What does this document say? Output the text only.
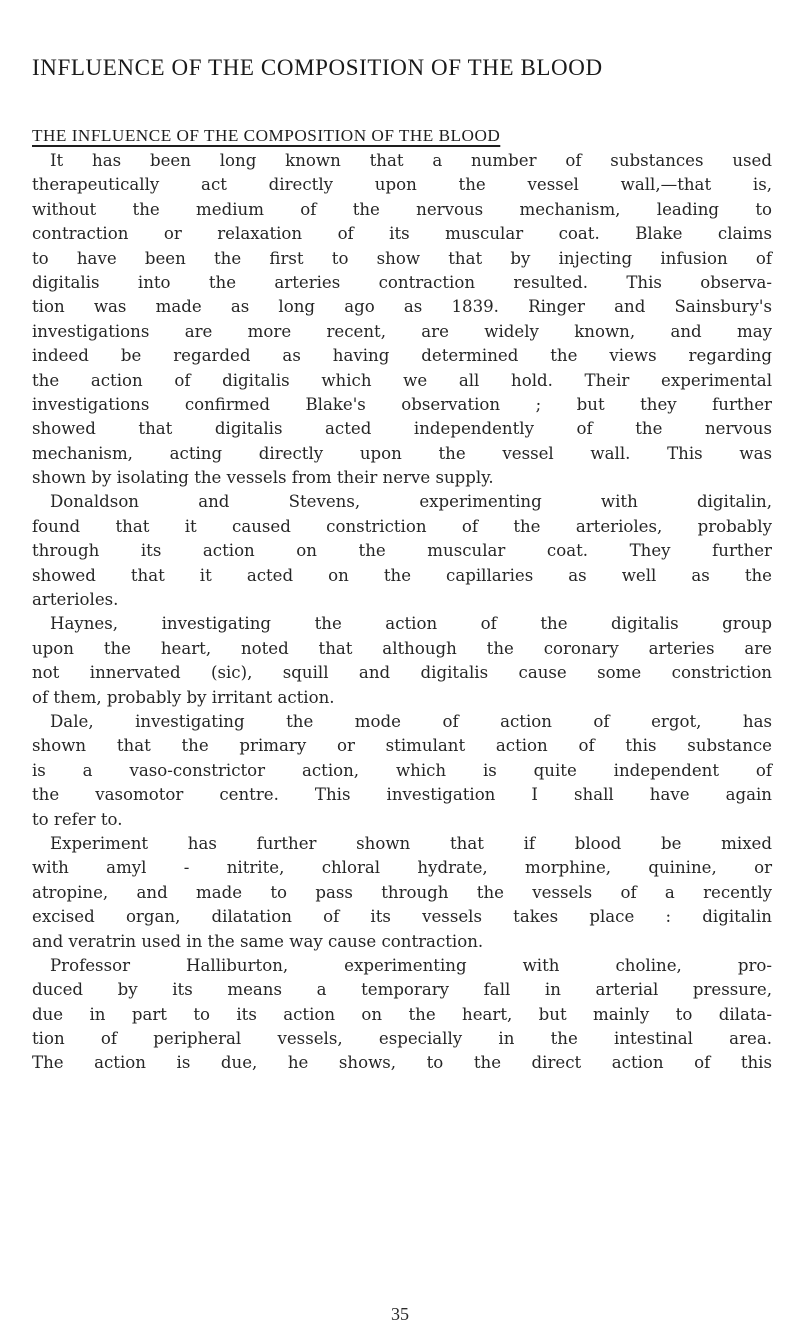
INFLUENCE OF THE COMPOSITION OF THE BLOOD
THE INFLUENCE OF THE COMPOSITION OF THE BLOOD
It has been long known that a number of substances used
therapeutically act directly upon the vessel wall,—that is,
without the medium of the nervous mechanism, leading to
contraction or relaxation of its muscular coat. Blake claims
to have been the first to show that by injecting infusion of
digitalis into the arteries contraction resulted. This observa-
tion was made as long ago as 1839. Ringer and Sainsbury's
investigations are more recent, are widely known, and may
indeed be regarded as having determined the views regarding
the action of digitalis which we all hold. Their experimental
investigations confirmed Blake's observation ; but they further
showed that digitalis acted independently of the nervous
mechanism, acting directly upon the vessel wall. This was
shown by isolating the vessels from their nerve supply.
Donaldson and Stevens, experimenting with digitalin,
found that it caused constriction of the arterioles, probably
through its action on the muscular coat. They further
showed that it acted on the capillaries as well as the
arterioles.
Haynes, investigating the action of the digitalis group
upon the heart, noted that although the coronary arteries are
not innervated (sic), squill and digitalis cause some constriction
of them, probably by irritant action.
Dale, investigating the mode of action of ergot, has
shown that the primary or stimulant action of this substance
is a vaso-constrictor action, which is quite independent of
the vasomotor centre. This investigation I shall have again
to refer to.
Experiment has further shown that if blood be mixed
with amyl - nitrite, chloral hydrate, morphine, quinine, or
atropine, and made to pass through the vessels of a recently
excised organ, dilatation of its vessels takes place : digitalin
and veratrin used in the same way cause contraction.
Professor Halliburton, experimenting with choline, pro-
duced by its means a temporary fall in arterial pressure,
due in part to its action on the heart, but mainly to dilata-
tion of peripheral vessels, especially in the intestinal area.
The action is due, he shows, to the direct action of this
35
